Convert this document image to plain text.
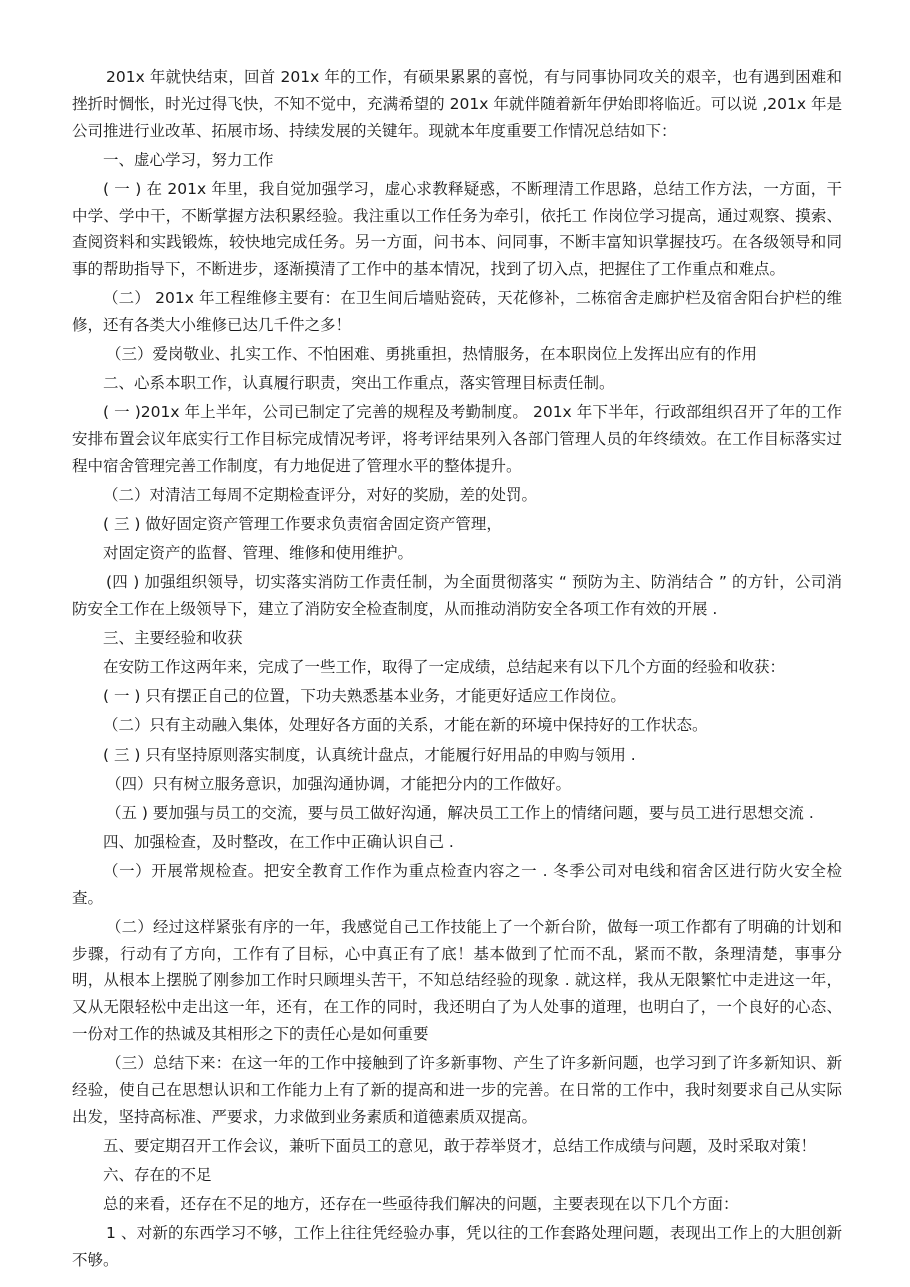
201x 年就快结束，回首 201x 年的工作，有硕果累累的喜悦，有与同事协同攻关的艰辛，也有遇到困难和挫折时惆怅，时光过得飞快，不知不觉中，充满希望的 201x 年就伴随着新年伊始即将临近。可以说 ,201x 年是公司推进行业改革、拓展市场、持续发展的关键年。现就本年度重要工作情况总结如下：

一、虚心学习，努力工作

( 一 ) 在 201x 年里，我自觉加强学习，虚心求教释疑惑，不断理清工作思路，总结工作方法，一方面，干中学、学中干，不断掌握方法积累经验。我注重以工作任务为牵引，依托工 作岗位学习提高，通过观察、摸索、查阅资料和实践锻炼，较快地完成任务。另一方面，问书本、问同事，不断丰富知识掌握技巧。在各级领导和同事的帮助指导下，不断进步，逐渐摸清了工作中的基本情况，找到了切入点，把握住了工作重点和难点。

（二） 201x 年工程维修主要有：在卫生间后墙贴瓷砖，天花修补，二栋宿舍走廊护栏及宿舍阳台护栏的维修，还有各类大小维修已达几千件之多！

（三）爱岗敬业、扎实工作、不怕困难、勇挑重担，热情服务，在本职岗位上发挥出应有的作用

二、心系本职工作，认真履行职责，突出工作重点，落实管理目标责任制。

( 一 )201x 年上半年，公司已制定了完善的规程及考勤制度。 201x 年下半年，行政部组织召开了年的工作安排布置会议年底实行工作目标完成情况考评，将考评结果列入各部门管理人员的年终绩效。在工作目标落实过程中宿舍管理完善工作制度，有力地促进了管理水平的整体提升。

（二）对清洁工每周不定期检查评分，对好的奖励，差的处罚。

( 三 ) 做好固定资产管理工作要求负责宿舍固定资产管理，

对固定资产的监督、管理、维修和使用维护。

(四 ) 加强组织领导，切实落实消防工作责任制，为全面贯彻落实 “ 预防为主、防消结合 ” 的方针，公司消防安全工作在上级领导下，建立了消防安全检查制度，从而推动消防安全各项工作有效的开展 .

三、主要经验和收获

在安防工作这两年来，完成了一些工作，取得了一定成绩，总结起来有以下几个方面的经验和收获：

( 一 ) 只有摆正自己的位置，下功夫熟悉基本业务，才能更好适应工作岗位。

（二）只有主动融入集体，处理好各方面的关系，才能在新的环境中保持好的工作状态。

( 三 ) 只有坚持原则落实制度，认真统计盘点，才能履行好用品的申购与领用 .

（四）只有树立服务意识，加强沟通协调，才能把分内的工作做好。

（五 ) 要加强与员工的交流，要与员工做好沟通，解决员工工作上的情绪问题，要与员工进行思想交流 .

四、加强检查，及时整改，在工作中正确认识自己 .

（一）开展常规检查。把安全教育工作作为重点检查内容之一 . 冬季公司对电线和宿舍区进行防火安全检查。

（二）经过这样紧张有序的一年，我感觉自己工作技能上了一个新台阶，做每一项工作都有了明确的计划和步骤，行动有了方向，工作有了目标，心中真正有了底！基本做到了忙而不乱，紧而不散，条理清楚，事事分明，从根本上摆脱了刚参加工作时只顾埋头苦干，不知总结经验的现象 . 就这样，我从无限繁忙中走进这一年，又从无限轻松中走出这一年，还有，在工作的同时，我还明白了为人处事的道理，也明白了，一个良好的心态、一份对工作的热诚及其相形之下的责任心是如何重要

（三）总结下来：在这一年的工作中接触到了许多新事物、产生了许多新问题，也学习到了许多新知识、新经验，使自己在思想认识和工作能力上有了新的提高和进一步的完善。在日常的工作中，我时刻要求自己从实际出发，坚持高标准、严要求，力求做到业务素质和道德素质双提高。

五、要定期召开工作会议，兼听下面员工的意见，敢于荐举贤才，总结工作成绩与问题，及时采取对策！

六、存在的不足

总的来看，还存在不足的地方，还存在一些亟待我们解决的问题，主要表现在以下几个方面：

1 、对新的东西学习不够，工作上往往凭经验办事，凭以往的工作套路处理问题，表现出工作上的大胆创新不够。
